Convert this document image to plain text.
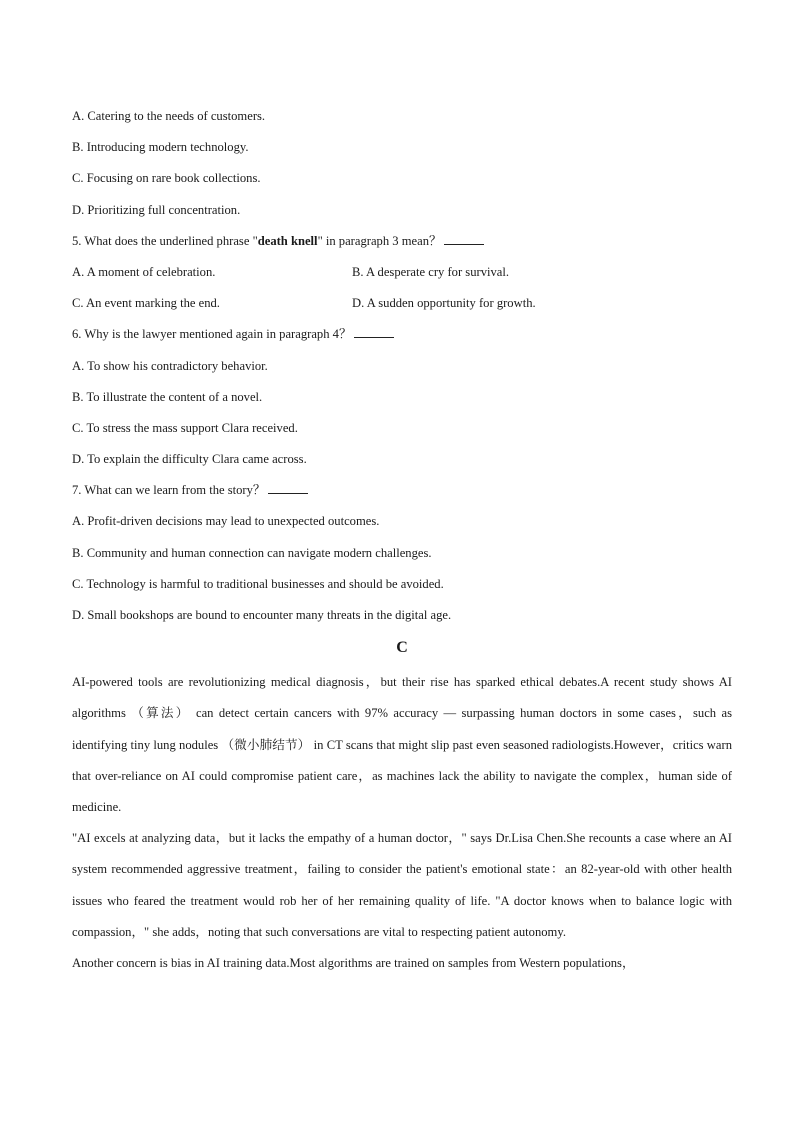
A. Catering to the needs of customers.
B. Introducing modern technology.
C. Focusing on rare book collections.
D. Prioritizing full concentration.
5. What does the underlined phrase "death knell" in paragraph 3 mean？
A. A moment of celebration.	B. A desperate cry for survival.
C. An event marking the end.	D. A sudden opportunity for growth.
6. Why is the lawyer mentioned again in paragraph 4？
A. To show his contradictory behavior.
B. To illustrate the content of a novel.
C. To stress the mass support Clara received.
D. To explain the difficulty Clara came across.
7. What can we learn from the story？
A. Profit-driven decisions may lead to unexpected outcomes.
B. Community and human connection can navigate modern challenges.
C. Technology is harmful to traditional businesses and should be avoided.
D. Small bookshops are bound to encounter many threats in the digital age.
C
AI-powered tools are revolutionizing medical diagnosis，but their rise has sparked ethical debates.A recent study shows AI algorithms （算法） can detect certain cancers with 97% accuracy — surpassing human doctors in some cases，such as identifying tiny lung nodules （微小肺结节） in CT scans that might slip past even seasoned radiologists.However，critics warn that over-reliance on AI could compromise patient care，as machines lack the ability to navigate the complex，human side of medicine.
"AI excels at analyzing data，but it lacks the empathy of a human doctor，" says Dr.Lisa Chen.She recounts a case where an AI system recommended aggressive treatment，failing to consider the patient's emotional state：an 82-year-old with other health issues who feared the treatment would rob her of her remaining quality of life. "A doctor knows when to balance logic with compassion，" she adds，noting that such conversations are vital to respecting patient autonomy.
Another concern is bias in AI training data.Most algorithms are trained on samples from Western populations，
